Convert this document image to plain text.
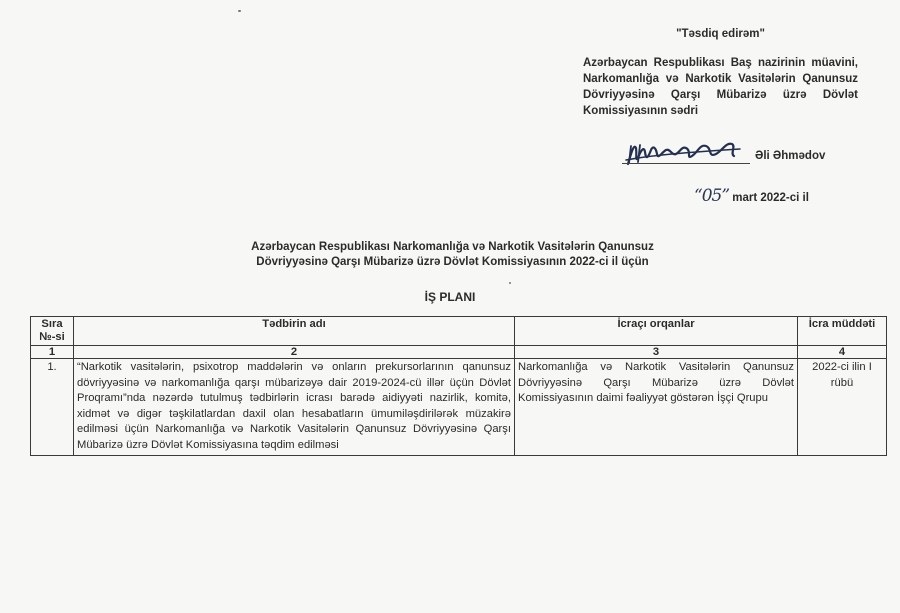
"Təsdiq edirəm"
Azərbaycan Respublikası Baş nazirinin müavini, Narkomanlığa və Narkotik Vasitələrin Qanunsuz Dövriyyəsinə Qarşı Mübarizə üzrə Dövlət Komissiyasının sədri
Əli Əhmədov
“05” mart 2022-ci il
Azərbaycan Respublikası Narkomanlığa və Narkotik Vasitələrin Qanunsuz
Dövriyyəsinə Qarşı Mübarizə üzrə Dövlət Komissiyasının 2022-ci il üçün
İŞ PLANI
Sıra №-si	Tədbirin adı	İcraçı orqanlar	İcra müddəti
1	2	3	4
1.	“Narkotik vasitələrin, psixotrop maddələrin və onların prekursorlarının qanunsuz dövriyyəsinə və narkomanlığa qarşı mübarizəyə dair 2019-2024-cü illər üçün Dövlət Proqramı”nda nəzərdə tutulmuş tədbirlərin icrası barədə aidiyyəti nazirlik, komitə, xidmət və digər təşkilatlardan daxil olan hesabatların ümumiləşdirilərək müzakirə edilməsi üçün Narkomanlığa və Narkotik Vasitələrin Qanunsuz Dövriyyəsinə Qarşı Mübarizə üzrə Dövlət Komissiyasına təqdim edilməsi	Narkomanlığa və Narkotik Vasitələrin Qanunsuz Dövriyyəsinə Qarşı Mübarizə üzrə Dövlət Komissiyasının daimi fəaliyyət göstərən İşçi Qrupu	2022-ci ilin I rübü
